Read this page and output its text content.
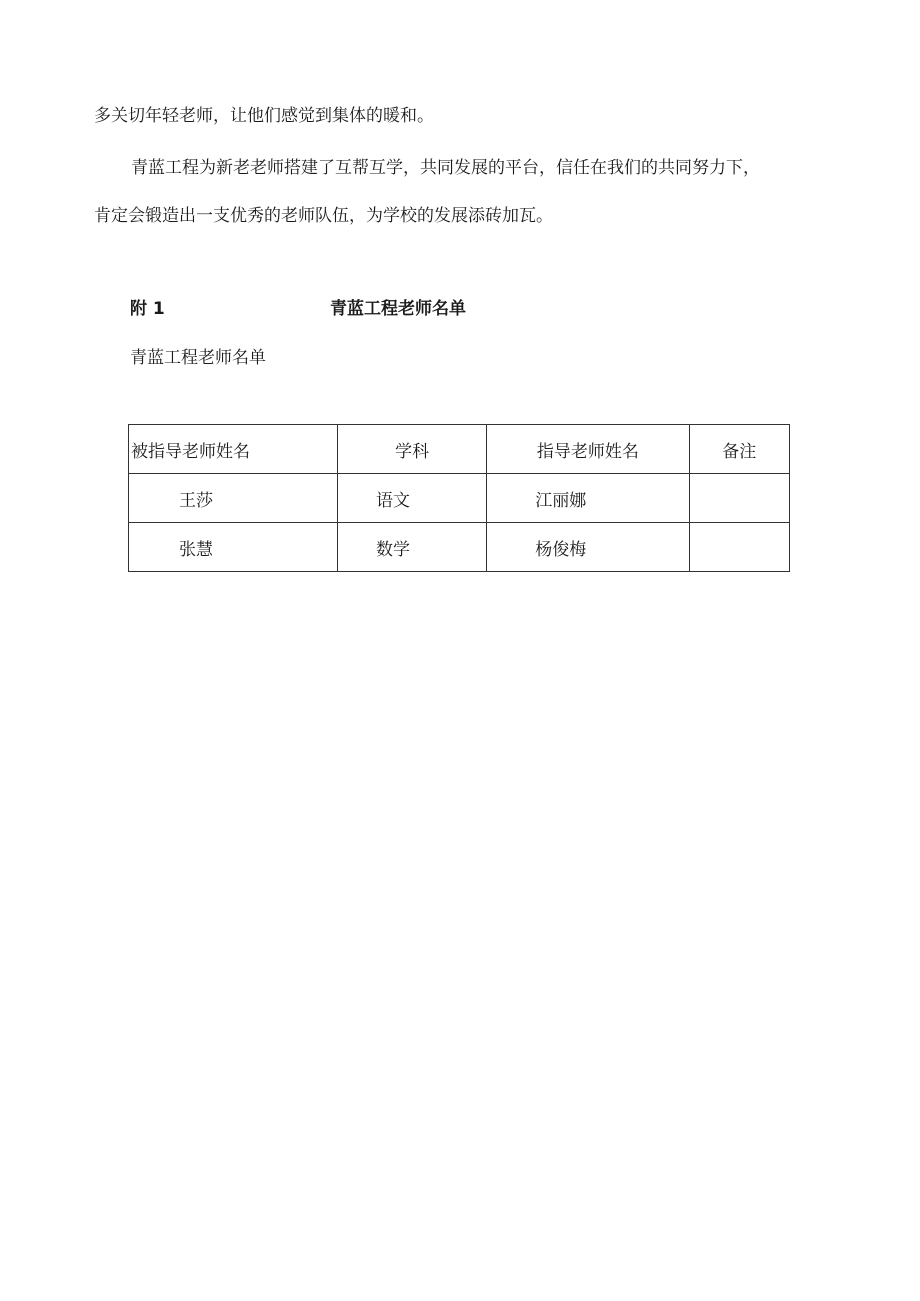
多关切年轻老师，让他们感觉到集体的暖和。

青蓝工程为新老老师搭建了互帮互学，共同发展的平台，信任在我们的共同努力下，

肯定会锻造出一支优秀的老师队伍，为学校的发展添砖加瓦。

附 1	青蓝工程老师名单

青蓝工程老师名单

被指导老师姓名	学科	指导老师姓名	备注
王莎	语文	江丽娜	
张慧	数学	杨俊梅	
